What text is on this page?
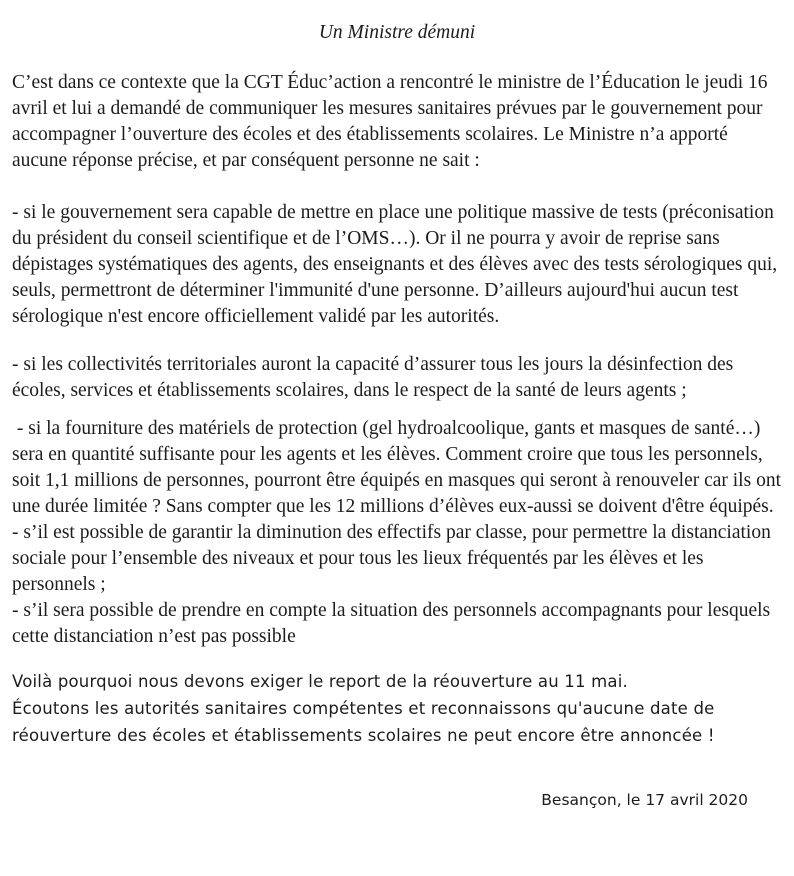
Un Ministre démuni

C’est dans ce contexte que la CGT Éduc’action a rencontré le ministre de l’Éducation le jeudi 16 avril et lui a demandé de communiquer les mesures sanitaires prévues par le gouvernement pour accompagner l’ouverture des écoles et des établissements scolaires. Le Ministre n’a apporté aucune réponse précise, et par conséquent personne ne sait :

- si le gouvernement sera capable de mettre en place une politique massive de tests (préconisation du président du conseil scientifique et de l’OMS…). Or il ne pourra y avoir de reprise sans dépistages systématiques des agents, des enseignants et des élèves avec des tests sérologiques qui, seuls, permettront de déterminer l'immunité d'une personne. D’ailleurs aujourd'hui aucun test sérologique n'est encore officiellement validé par les autorités.

- si les collectivités territoriales auront la capacité d’assurer tous les jours la désinfection des écoles, services et établissements scolaires, dans le respect de la santé de leurs agents ;

- si la fourniture des matériels de protection (gel hydroalcoolique, gants et masques de santé…) sera en quantité suffisante pour les agents et les élèves. Comment croire que tous les personnels, soit 1,1 millions de personnes, pourront être équipés en masques qui seront à renouveler car ils ont une durée limitée ? Sans compter que les 12 millions d’élèves eux-aussi se doivent d'être équipés.

- s’il est possible de garantir la diminution des effectifs par classe, pour permettre la distanciation sociale pour l’ensemble des niveaux et pour tous les lieux fréquentés par les élèves et les personnels ;

- s’il sera possible de prendre en compte la situation des personnels accompagnants pour lesquels cette distanciation n’est pas possible

Voilà pourquoi nous devons exiger le report de la réouverture au 11 mai.

Écoutons les autorités sanitaires compétentes et reconnaissons qu'aucune date de réouverture des écoles et établissements scolaires ne peut encore être annoncée !

Besançon, le 17 avril 2020
